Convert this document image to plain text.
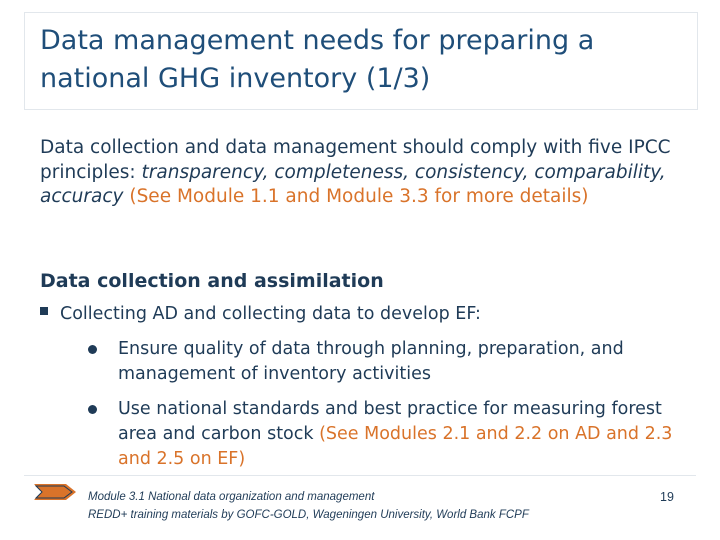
Data management needs for preparing a
national GHG inventory (1/3)
Data collection and data management should comply with five IPCC principles: transparency, completeness, consistency, comparability, accuracy (See Module 1.1 and Module 3.3 for more details)
Data collection and assimilation
Collecting AD and collecting data to develop EF:
Ensure quality of data through planning, preparation, and management of inventory activities
Use national standards and best practice for measuring forest area and carbon stock (See Modules 2.1 and 2.2 on AD and 2.3 and 2.5 on EF)
Module 3.1 National data organization and management
REDD+ training materials by GOFC-GOLD, Wageningen University, World Bank FCPF
19
